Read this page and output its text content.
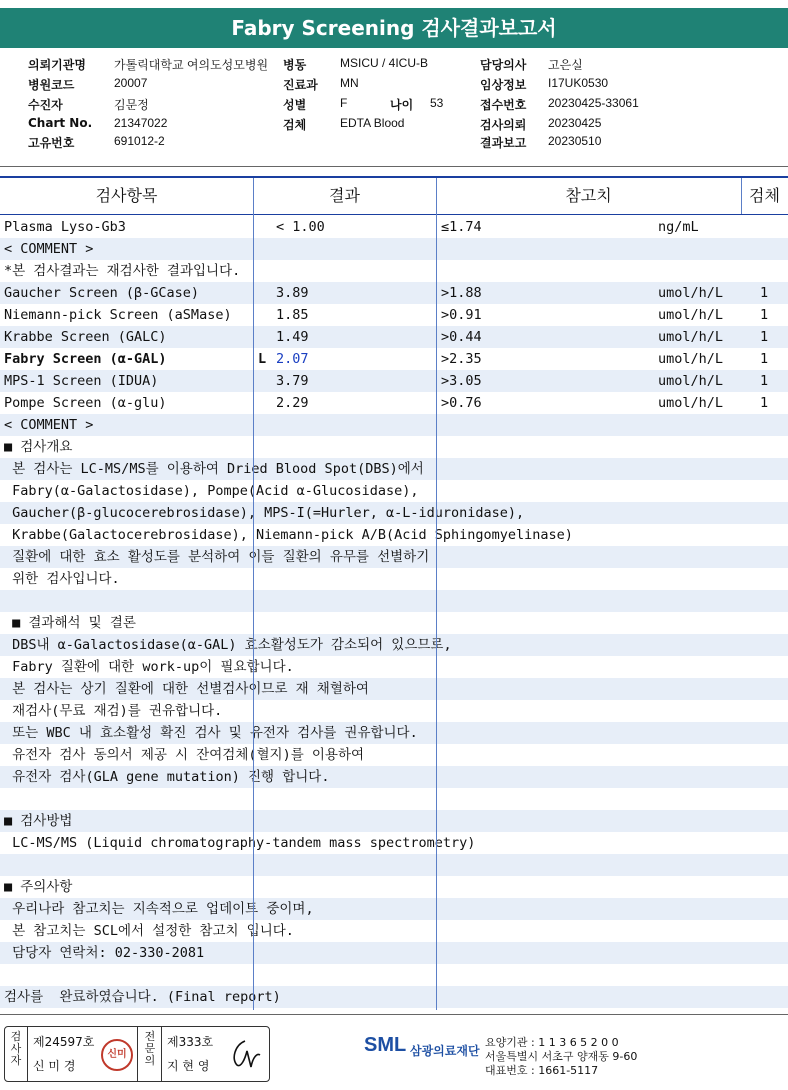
Fabry Screening 검사결과보고서
의뢰기관명 가톨릭대학교 여의도성모병원
병원코드	20007
수진자	김문정
Chart No. 21347022
고유번호	691012-2
병동	MSICU / 4ICU-B
진료과 MN
성별	F	나이 53
검체	EDTA Blood
담당의사 고은실
임상정보 I17UK0530
접수번호 20230425-33061
검사의뢰 20230425
결과보고 20230510
검사항목	결과	참고치	검체
Plasma Lyso-Gb3	< 1.00	≤1.74	ng/mL
< COMMENT >
*본 검사결과는 재검사한 결과입니다.
Gaucher Screen (β-GCase)	3.89	>1.88	umol/h/L	1
Niemann-pick Screen (aSMase)	1.85	>0.91	umol/h/L	1
Krabbe Screen (GALC)	1.49	>0.44	umol/h/L	1
Fabry Screen (α-GAL)	L 2.07	>2.35	umol/h/L	1
MPS-1 Screen (IDUA)	3.79	>3.05	umol/h/L	1
Pompe Screen (α-glu)	2.29	>0.76	umol/h/L	1
< COMMENT >
■ 검사개요
본 검사는 LC-MS/MS를 이용하여 Dried Blood Spot(DBS)에서
Fabry(α-Galactosidase), Pompe(Acid α-Glucosidase),
Gaucher(β-glucocerebrosidase), MPS-I(=Hurler, α-L-iduronidase),
Krabbe(Galactocerebrosidase), Niemann-pick A/B(Acid Sphingomyelinase)
질환에 대한 효소 활성도를 분석하여 이들 질환의 유무를 선별하기
위한 검사입니다.
■ 결과해석 및 결론
DBS내 α-Galactosidase(α-GAL) 효소활성도가 감소되어 있으므로,
Fabry 질환에 대한 work-up이 필요합니다.
본 검사는 상기 질환에 대한 선별검사이므로 재 채혈하여
재검사(무료 재검)를 권유합니다.
또는 WBC 내 효소활성 확진 검사 및 유전자 검사를 권유합니다.
유전자 검사 동의서 제공 시 잔여검체(혈지)를 이용하여
유전자 검사(GLA gene mutation) 진행 합니다.
■ 검사방법
LC-MS/MS (Liquid chromatography-tandem mass spectrometry)
■ 주의사항
우리나라 참고치는 지속적으로 업데이트 중이며,
본 참고치는 SCL에서 설정한 참고치 입니다.
담당자 연락처: 02-330-2081
검사를  완료하였습니다. (Final report)
검사자
제24597호
신 미 경
신미
전문의
제333호
지 현 영
SML 삼광의료재단
요양기관 : 1 1 3 6 5 2 0 0
서울특별시 서초구 양재동 9-60
대표번호 : 1661-5117
